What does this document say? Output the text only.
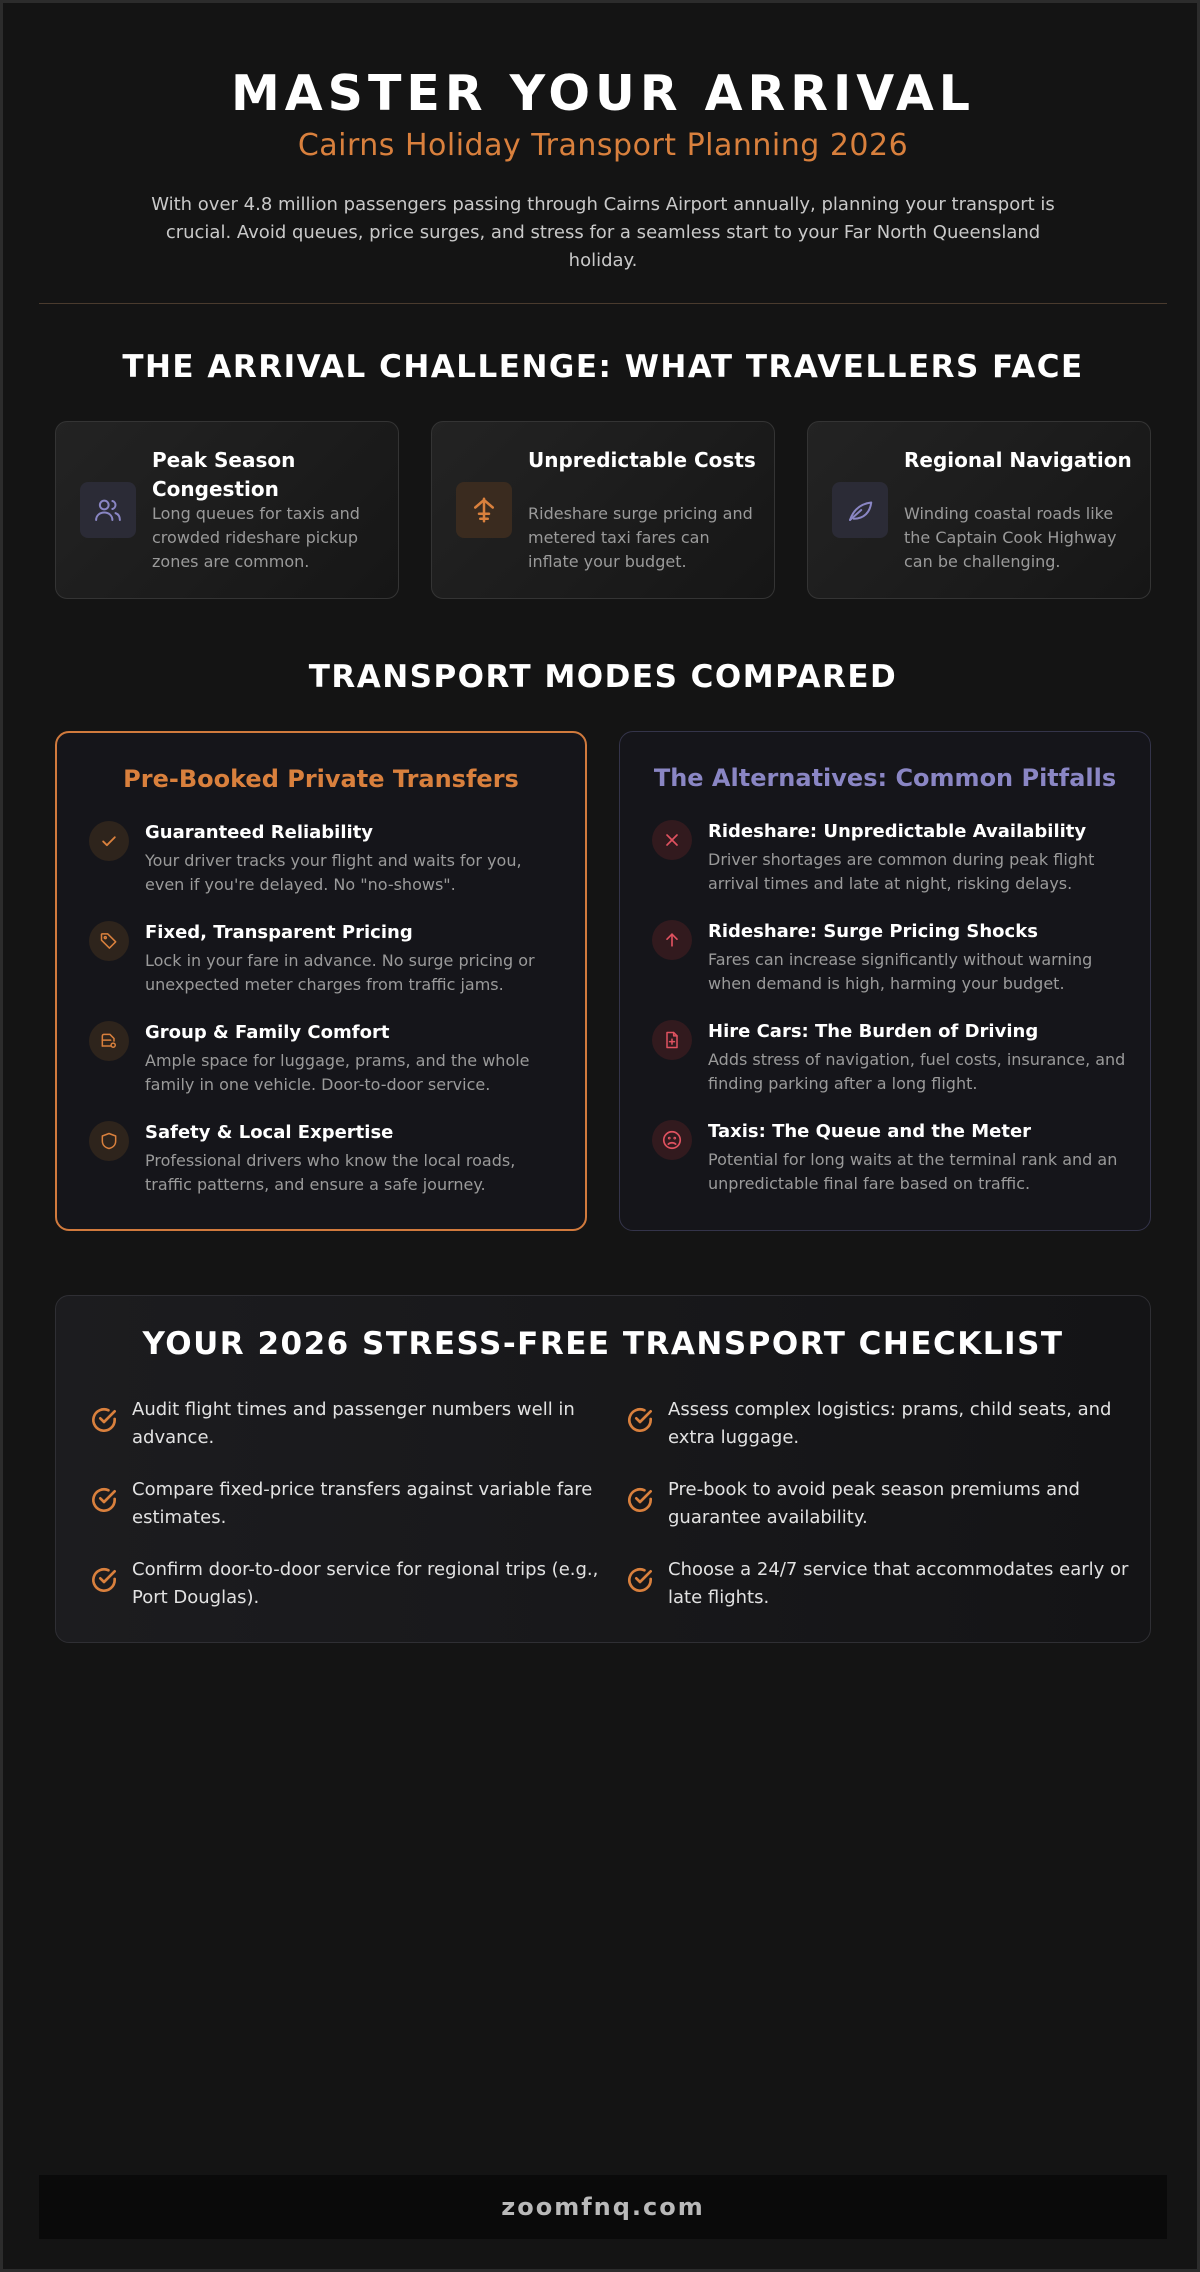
MASTER YOUR ARRIVAL
Cairns Holiday Transport Planning 2026
With over 4.8 million passengers passing through Cairns Airport annually, planning your transport is crucial. Avoid queues, price surges, and stress for a seamless start to your Far North Queensland holiday.
THE ARRIVAL CHALLENGE: WHAT TRAVELLERS FACE
Peak Season Congestion
Long queues for taxis and crowded rideshare pickup zones are common.
Unpredictable Costs
Rideshare surge pricing and metered taxi fares can inflate your budget.
Regional Navigation
Winding coastal roads like the Captain Cook Highway can be challenging.
TRANSPORT MODES COMPARED
Pre-Booked Private Transfers
Guaranteed Reliability
Your driver tracks your flight and waits for you, even if you're delayed. No "no-shows".
Fixed, Transparent Pricing
Lock in your fare in advance. No surge pricing or unexpected meter charges from traffic jams.
Group & Family Comfort
Ample space for luggage, prams, and the whole family in one vehicle. Door-to-door service.
Safety & Local Expertise
Professional drivers who know the local roads, traffic patterns, and ensure a safe journey.
The Alternatives: Common Pitfalls
Rideshare: Unpredictable Availability
Driver shortages are common during peak flight arrival times and late at night, risking delays.
Rideshare: Surge Pricing Shocks
Fares can increase significantly without warning when demand is high, harming your budget.
Hire Cars: The Burden of Driving
Adds stress of navigation, fuel costs, insurance, and finding parking after a long flight.
Taxis: The Queue and the Meter
Potential for long waits at the terminal rank and an unpredictable final fare based on traffic.
YOUR 2026 STRESS-FREE TRANSPORT CHECKLIST
Audit flight times and passenger numbers well in advance.
Assess complex logistics: prams, child seats, and extra luggage.
Compare fixed-price transfers against variable fare estimates.
Pre-book to avoid peak season premiums and guarantee availability.
Confirm door-to-door service for regional trips (e.g., Port Douglas).
Choose a 24/7 service that accommodates early or late flights.
zoomfnq.com
